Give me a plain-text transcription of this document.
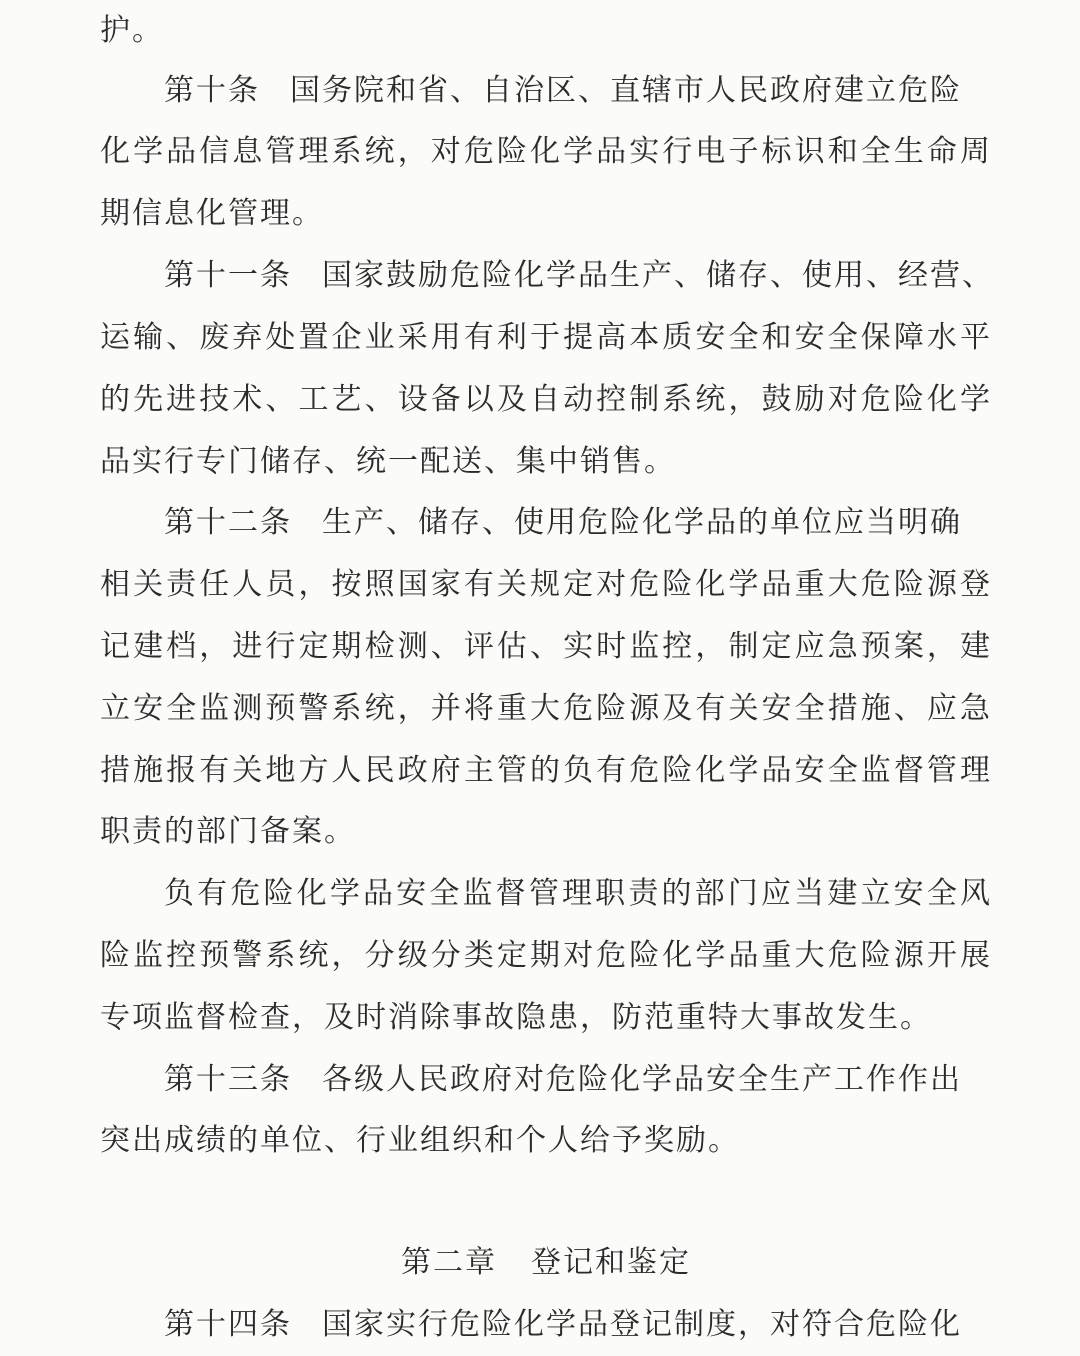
护。
第十条 国务院和省、自治区、直辖市人民政府建立危险
化学品信息管理系统，对危险化学品实行电子标识和全生命周
期信息化管理。
第十一条 国家鼓励危险化学品生产、储存、使用、经营、
运输、废弃处置企业采用有利于提高本质安全和安全保障水平
的先进技术、工艺、设备以及自动控制系统，鼓励对危险化学
品实行专门储存、统一配送、集中销售。
第十二条 生产、储存、使用危险化学品的单位应当明确
相关责任人员，按照国家有关规定对危险化学品重大危险源登
记建档，进行定期检测、评估、实时监控，制定应急预案，建
立安全监测预警系统，并将重大危险源及有关安全措施、应急
措施报有关地方人民政府主管的负有危险化学品安全监督管理
职责的部门备案。
负有危险化学品安全监督管理职责的部门应当建立安全风
险监控预警系统，分级分类定期对危险化学品重大危险源开展
专项监督检查，及时消除事故隐患，防范重特大事故发生。
第十三条 各级人民政府对危险化学品安全生产工作作出
突出成绩的单位、行业组织和个人给予奖励。
第二章 登记和鉴定
第十四条 国家实行危险化学品登记制度，对符合危险化
